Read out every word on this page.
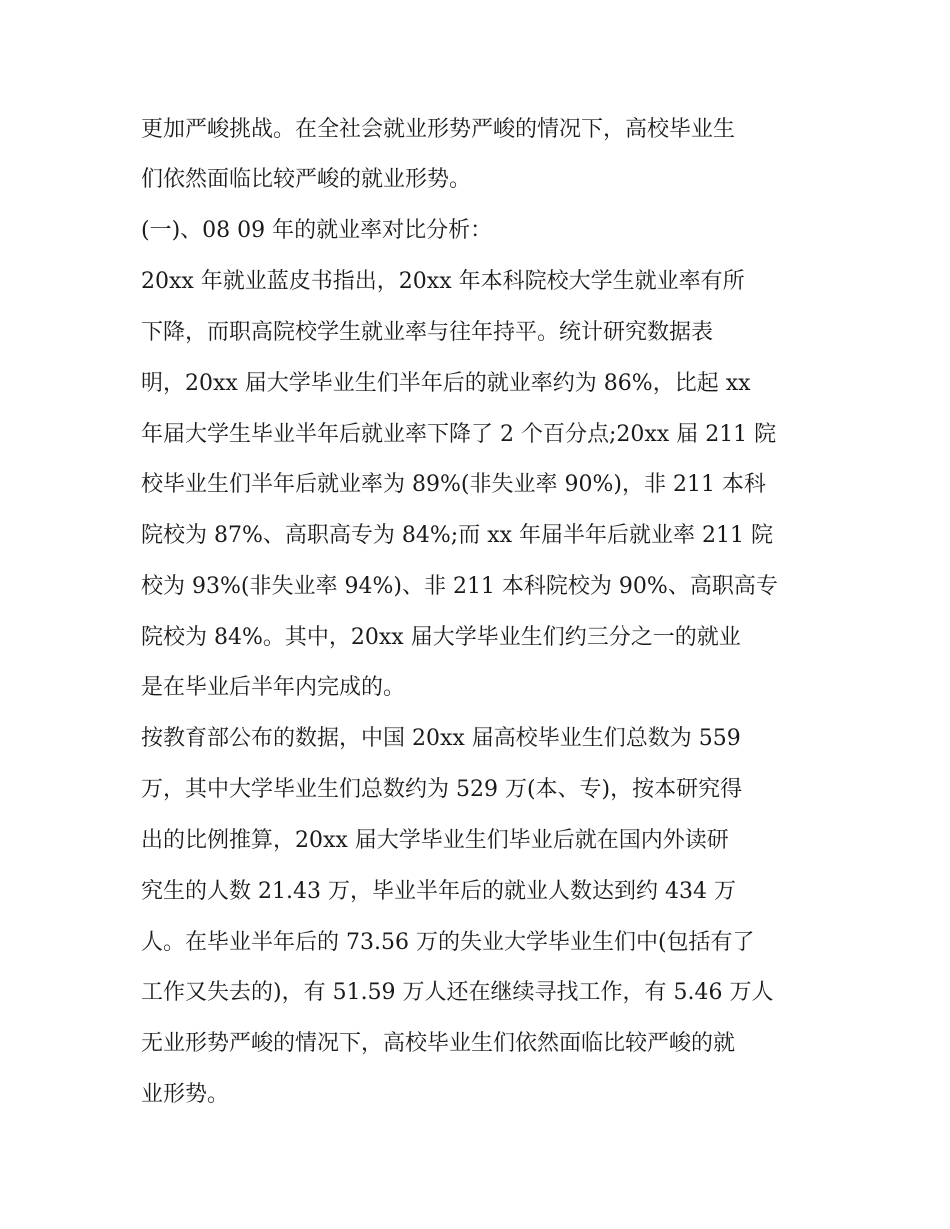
更加严峻挑战。在全社会就业形势严峻的情况下，高校毕业生
们依然面临比较严峻的就业形势。
(一)、08 09 年的就业率对比分析：
20xx 年就业蓝皮书指出，20xx 年本科院校大学生就业率有所
下降，而职高院校学生就业率与往年持平。统计研究数据表
明，20xx 届大学毕业生们半年后的就业率约为 86%，比起 xx
年届大学生毕业半年后就业率下降了 2 个百分点;20xx 届 211 院
校毕业生们半年后就业率为 89%(非失业率 90%)，非 211 本科
院校为 87%、高职高专为 84%;而 xx 年届半年后就业率 211 院
校为 93%(非失业率 94%)、非 211 本科院校为 90%、高职高专
院校为 84%。其中，20xx 届大学毕业生们约三分之一的就业
是在毕业后半年内完成的。
按教育部公布的数据，中国 20xx 届高校毕业生们总数为 559
万，其中大学毕业生们总数约为 529 万(本、专)，按本研究得
出的比例推算，20xx 届大学毕业生们毕业后就在国内外读研
究生的人数 21.43 万，毕业半年后的就业人数达到约 434 万
人。在毕业半年后的 73.56 万的失业大学毕业生们中(包括有了
工作又失去的)，有 51.59 万人还在继续寻找工作，有 5.46 万人
无业形势严峻的情况下，高校毕业生们依然面临比较严峻的就
业形势。
